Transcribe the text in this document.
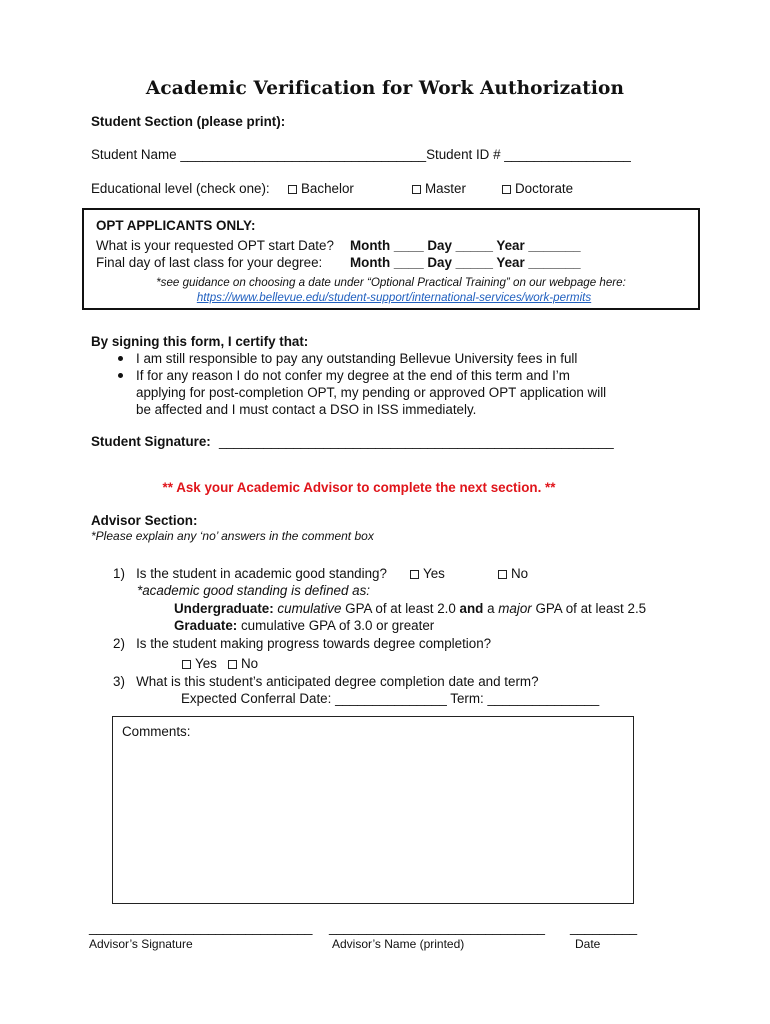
Academic Verification for Work Authorization
Student Section (please print):
Student Name _________________________________Student ID # _________________
Educational level (check one):	Bachelor	Master	Doctorate
OPT APPLICANTS ONLY:
What is your requested OPT start Date? Month ____ Day _____ Year _______
Final day of last class for your degree: Month ____ Day _____ Year _______
*see guidance on choosing a date under “Optional Practical Training” on our webpage here:
https://www.bellevue.edu/student-support/international-services/work-permits
By signing this form, I certify that:
I am still responsible to pay any outstanding Bellevue University fees in full
If for any reason I do not confer my degree at the end of this term and I’m
applying for post-completion OPT, my pending or approved OPT application will
be affected and I must contact a DSO in ISS immediately.
Student Signature: _____________________________________________________
** Ask your Academic Advisor to complete the next section. **
Advisor Section:
*Please explain any ‘no’ answers in the comment box
1)   Is the student in academic good standing?	Yes	No
*academic good standing is defined as:
Undergraduate: cumulative GPA of at least 2.0 and a major GPA of at least 2.5
Graduate: cumulative GPA of 3.0 or greater
2)   Is the student making progress towards degree completion?
Yes	No
3)   What is this student’s anticipated degree completion date and term?
Expected Conferral Date: _______________ Term: _______________
Comments:
______________________________ _____________________________ _________
Advisor’s Signature	Advisor’s Name (printed)	Date
